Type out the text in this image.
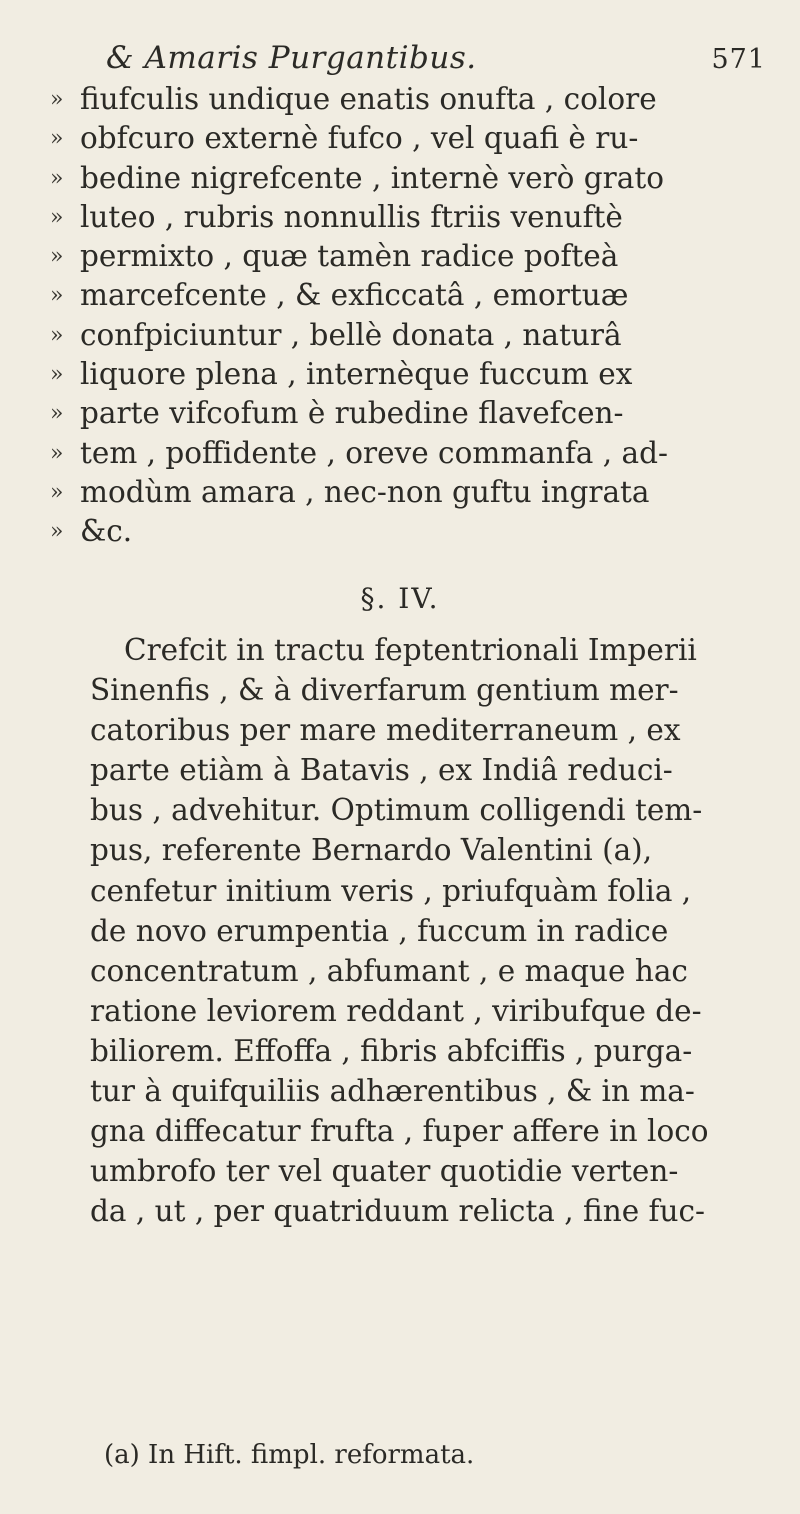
& Amaris Purgantibus.	571
» fiufculis undique enatis onufta , colore
» obfcuro externè fufco , vel quafi è ru-
» bedine nigrefcente , internè verò grato
» luteo , rubris nonnullis ftriis venuftè
» permixto , quæ tamèn radice pofteà
» marcefcente , & exficcatâ , emortuæ
» confpiciuntur , bellè donata , naturâ
» liquore plena , internèque fuccum ex
» parte vifcofum è rubedine flavefcen-
» tem , poffidente , oreve commanfa , ad-
» modùm amara , nec-non guftu ingrata
» &c.
§. IV.
Crefcit in tractu feptentrionali Imperii
Sinenfis , & à diverfarum gentium mer-
catoribus per mare mediterraneum , ex
parte etiàm à Batavis , ex Indiâ reduci-
bus , advehitur. Optimum colligendi tem-
pus, referente Bernardo Valentini (a),
cenfetur initium veris , priufquàm folia ,
de novo erumpentia , fuccum in radice
concentratum , abfumant , e maque hac
ratione leviorem reddant , viribufque de-
biliorem. Effoffa , fibris abfciffis , purga-
tur à quifquiliis adhærentibus , & in ma-
gna diffecatur frufta , fuper affere in loco
umbrofo ter vel quater quotidie verten-
da , ut , per quatriduum relicta , fine fuc-
(a) In Hift. fimpl. reformata.
